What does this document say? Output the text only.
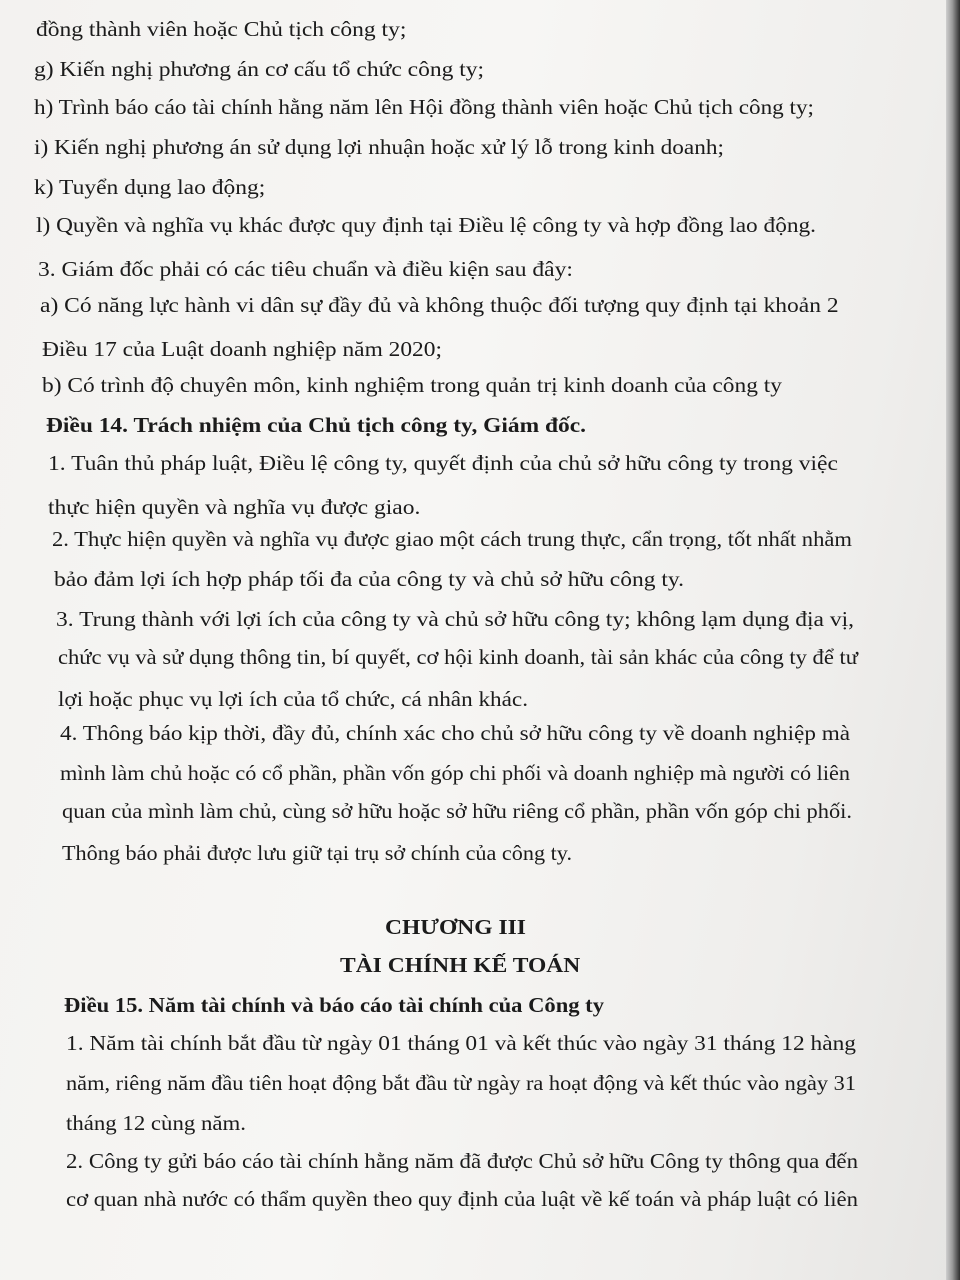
đồng thành viên hoặc Chủ tịch công ty;
g) Kiến nghị phương án cơ cấu tổ chức công ty;
h) Trình báo cáo tài chính hằng năm lên Hội đồng thành viên hoặc Chủ tịch công ty;
i) Kiến nghị phương án sử dụng lợi nhuận hoặc xử lý lỗ trong kinh doanh;
k) Tuyển dụng lao động;
l) Quyền và nghĩa vụ khác được quy định tại Điều lệ công ty và hợp đồng lao động.
3. Giám đốc phải có các tiêu chuẩn và điều kiện sau đây:
a) Có năng lực hành vi dân sự đầy đủ và không thuộc đối tượng quy định tại khoản 2
Điều 17 của Luật doanh nghiệp năm 2020;
b) Có trình độ chuyên môn, kinh nghiệm trong quản trị kinh doanh của công ty
Điều 14. Trách nhiệm của Chủ tịch công ty, Giám đốc.
1. Tuân thủ pháp luật, Điều lệ công ty, quyết định của chủ sở hữu công ty trong việc
thực hiện quyền và nghĩa vụ được giao.
2. Thực hiện quyền và nghĩa vụ được giao một cách trung thực, cẩn trọng, tốt nhất nhằm
bảo đảm lợi ích hợp pháp tối đa của công ty và chủ sở hữu công ty.
3. Trung thành với lợi ích của công ty và chủ sở hữu công ty; không lạm dụng địa vị,
chức vụ và sử dụng thông tin, bí quyết, cơ hội kinh doanh, tài sản khác của công ty để tư
lợi hoặc phục vụ lợi ích của tổ chức, cá nhân khác.
4. Thông báo kịp thời, đầy đủ, chính xác cho chủ sở hữu công ty về doanh nghiệp mà
mình làm chủ hoặc có cổ phần, phần vốn góp chi phối và doanh nghiệp mà người có liên
quan của mình làm chủ, cùng sở hữu hoặc sở hữu riêng cổ phần, phần vốn góp chi phối.
Thông báo phải được lưu giữ tại trụ sở chính của công ty.
CHƯƠNG III
TÀI CHÍNH KẾ TOÁN
Điều 15. Năm tài chính và báo cáo tài chính của Công ty
1. Năm tài chính bắt đầu từ ngày 01 tháng 01 và kết thúc vào ngày 31 tháng 12 hàng
năm, riêng năm đầu tiên hoạt động bắt đầu từ ngày ra hoạt động và kết thúc vào ngày 31
tháng 12 cùng năm.
2. Công ty gửi báo cáo tài chính hằng năm đã được Chủ sở hữu Công ty thông qua đến
cơ quan nhà nước có thẩm quyền theo quy định của luật về kế toán và pháp luật có liên
